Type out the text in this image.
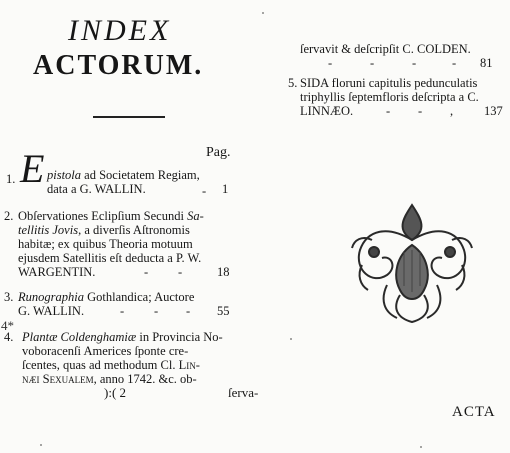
INDEX
ACTORUM.
Pag.
1. E pistola ad Societatem Regiam,
data a G. WALLIN.	- 1
2. Obſervationes Eclipſium Secundi Sa-
tellitis Jovis, a diverſis Aſtronomis
habitæ; ex quibus Theoria motuum
ejusdem Satellitis eſt deducta a P. W.
WARGENTIN.	- -	18
3. Runographia Gothlandica; Auctore
G. WALLIN.	- - - 55
4*
4. Plantæ Coldenghamiæ in Provincia No-
voboracenſi Americes ſponte cre-
ſcentes, quas ad methodum Cl. Lin-
næi Sexualem, anno 1742. &c. ob-
):( 2	ſerva-
ſervavit & deſcripſit C. COLDEN.
-	-	-	- 81
5. SIDA floruni capitulis pedunculatis
triphyllis ſeptemfloris deſcripta a C.
LINNÆO.	- - , 137
ACTA
